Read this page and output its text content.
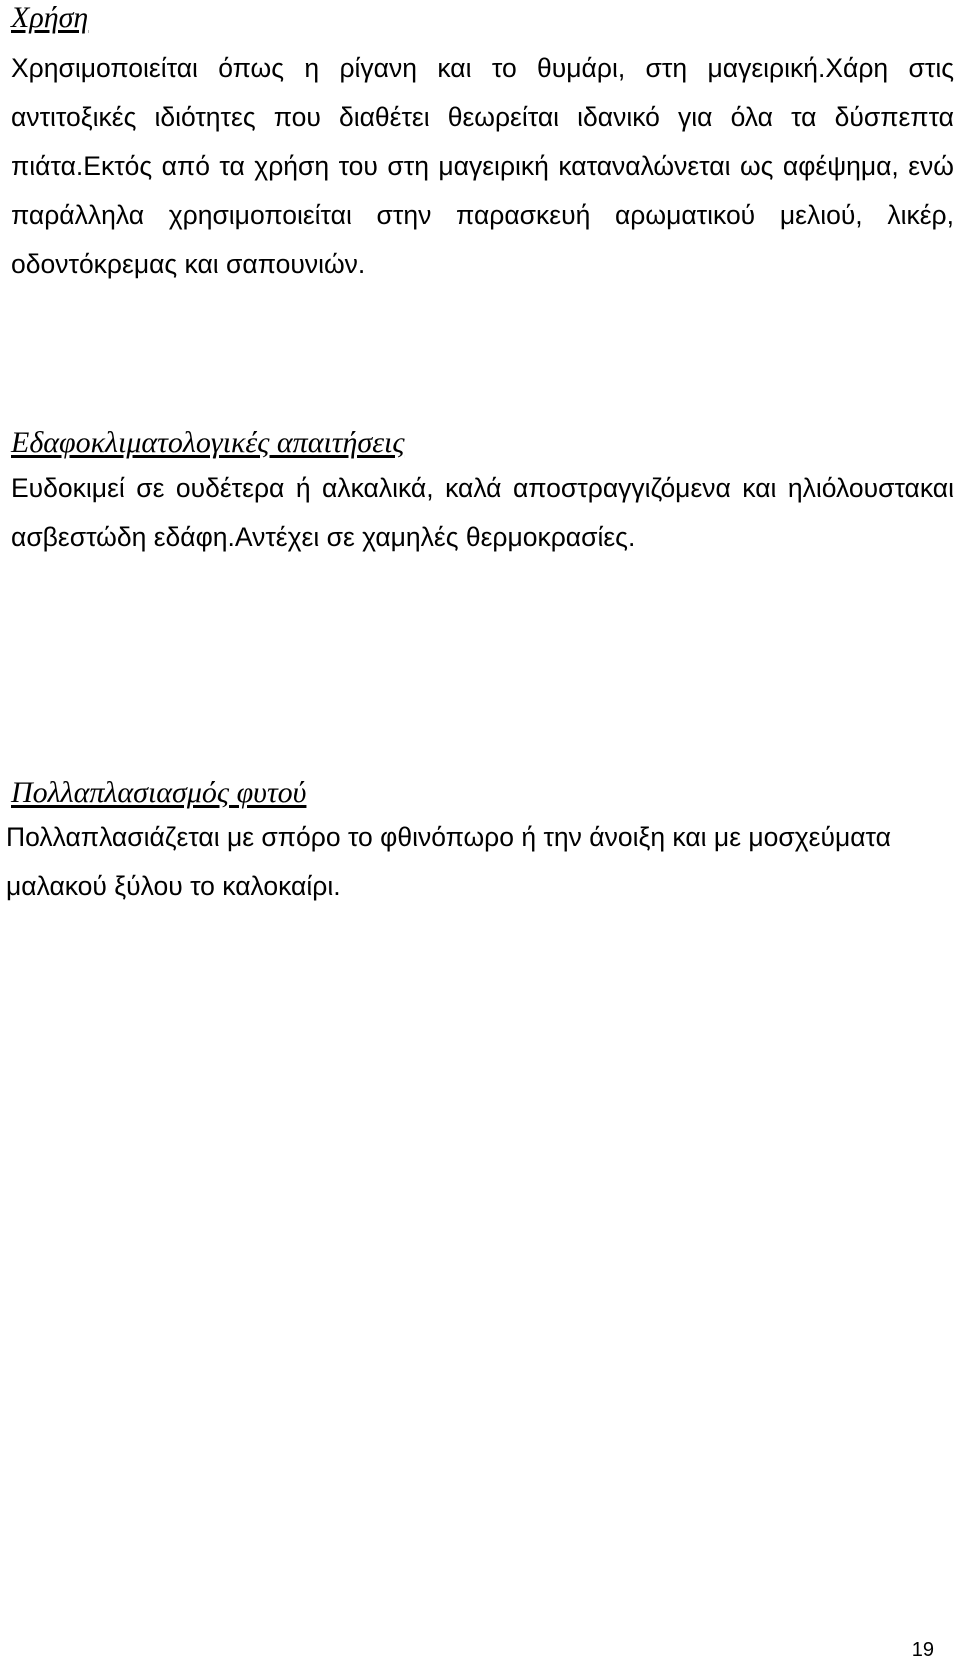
Χρήση

Χρησιμοποιείται όπως η ρίγανη και το θυμάρι, στη μαγειρική.Χάρη στις αντιτοξικές ιδιότητες που διαθέτει θεωρείται ιδανικό για όλα τα δύσπεπτα πιάτα.Εκτός από τα χρήση του στη μαγειρική καταναλώνεται ως αφέψημα, ενώ παράλληλα χρησιμοποιείται στην παρασκευή αρωματικού μελιού, λικέρ, οδοντόκρεμας και σαπουνιών.

Εδαφοκλιματολογικές απαιτήσεις

Ευδοκιμεί σε ουδέτερα ή αλκαλικά, καλά αποστραγγιζόμενα και ηλιόλουστακαι ασβεστώδη εδάφη.Αντέχει σε χαμηλές θερμοκρασίες.

Πολλαπλασιασμός φυτού

Πολλαπλασιάζεται με σπόρο το φθινόπωρο ή την άνοιξη και με μοσχεύματα μαλακού ξύλου το καλοκαίρι.

19
